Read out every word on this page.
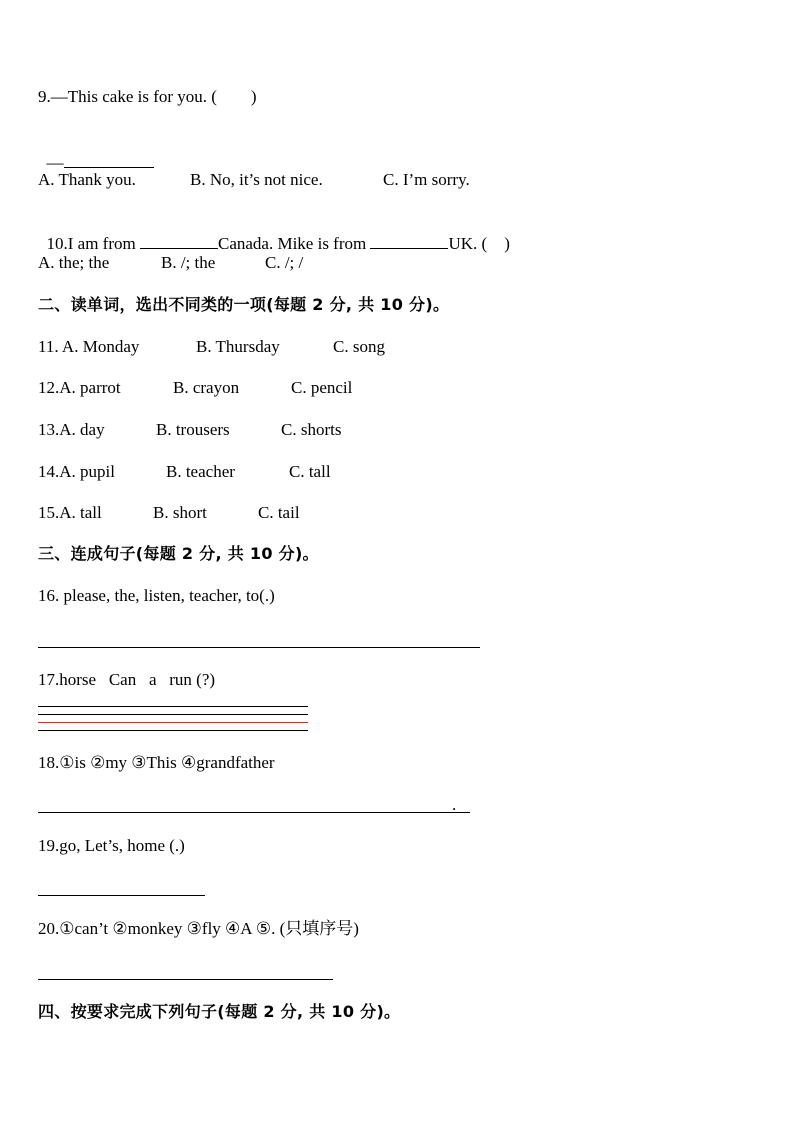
9.—This cake is for you. (　　)

—

A. Thank you.	B. No, it’s not nice.	C. I’m sorry.

10.I am from	Canada. Mike is from	UK. (　)

A. the; the	B. /; the	C. /; /
二、读单词，选出不同类的一项(每题 2 分, 共 10 分)。
11. A. Monday	B. Thursday	C. song
12.A. parrot	B. crayon	C. pencil
13.A. day	B. trousers	C. shorts
14.A. pupil	B. teacher	C. tall
15.A. tall	B. short	C. tail
三、连成句子(每题 2 分, 共 10 分)。
16. please, the, listen, teacher, to(.)
17.horse  Can  a  run (?)
18.①is ②my ③This ④grandfather
.
19.go, Let’s, home (.)
20.①can’t ②monkey ③fly ④A ⑤. (只填序号)
四、按要求完成下列句子(每题 2 分, 共 10 分)。
